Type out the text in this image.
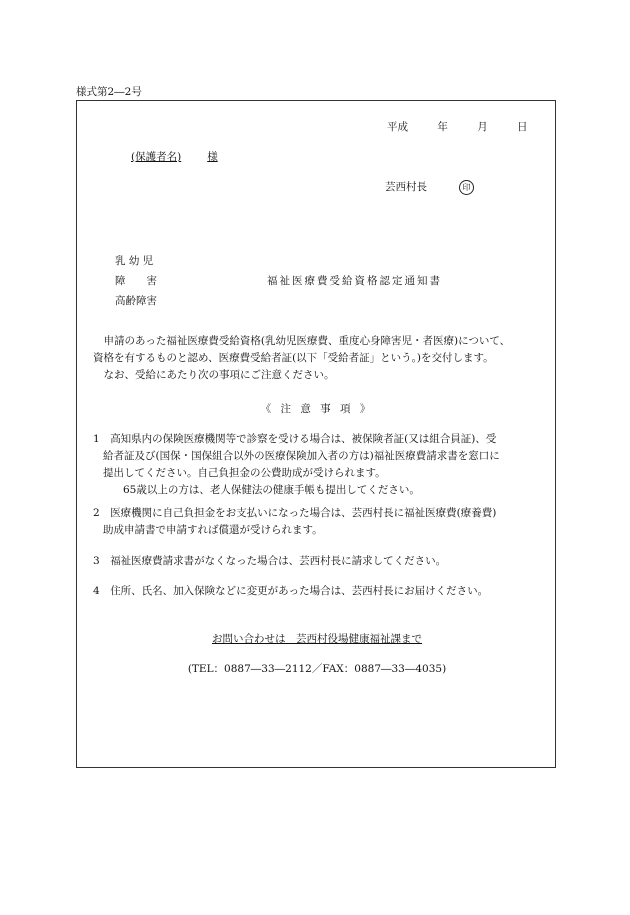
様式第2―2号
平成	年	月	日
(保護者名) 様
芸西村長	印
乳 幼 児
障　　害
高齢障害
福祉医療費受給資格認定通知書

申請のあった福祉医療費受給資格(乳幼児医療費、重度心身障害児・者医療)について、

資格を有するものと認め、医療費受給者証(以下「受給者証」という。)を交付します。

なお、受給にあたり次の事項にご注意ください。

《 注 意 事 項 》

1　 高知県内の保険医療機関等で診察を受ける場合は、被保険者証(又は組合員証)、受

給者証及び(国保・国保組合以外の医療保険加入者の方は)福祉医療費請求書を窓口に

提出してください。自己負担金の公費助成が受けられます。

65歳以上の方は、老人保健法の健康手帳も提出してください。

2　 医療機関に自己負担金をお支払いになった場合は、芸西村長に福祉医療費(療養費)

助成申請書で申請すれば償還が受けられます。

3　 福祉医療費請求書がなくなった場合は、芸西村長に請求してください。

4　 住所、氏名、加入保険などに変更があった場合は、芸西村長にお届けください。

お問い合わせは　芸西村役場健康福祉課まで
(TEL：0887―33―2112／FAX：0887―33―4035)
